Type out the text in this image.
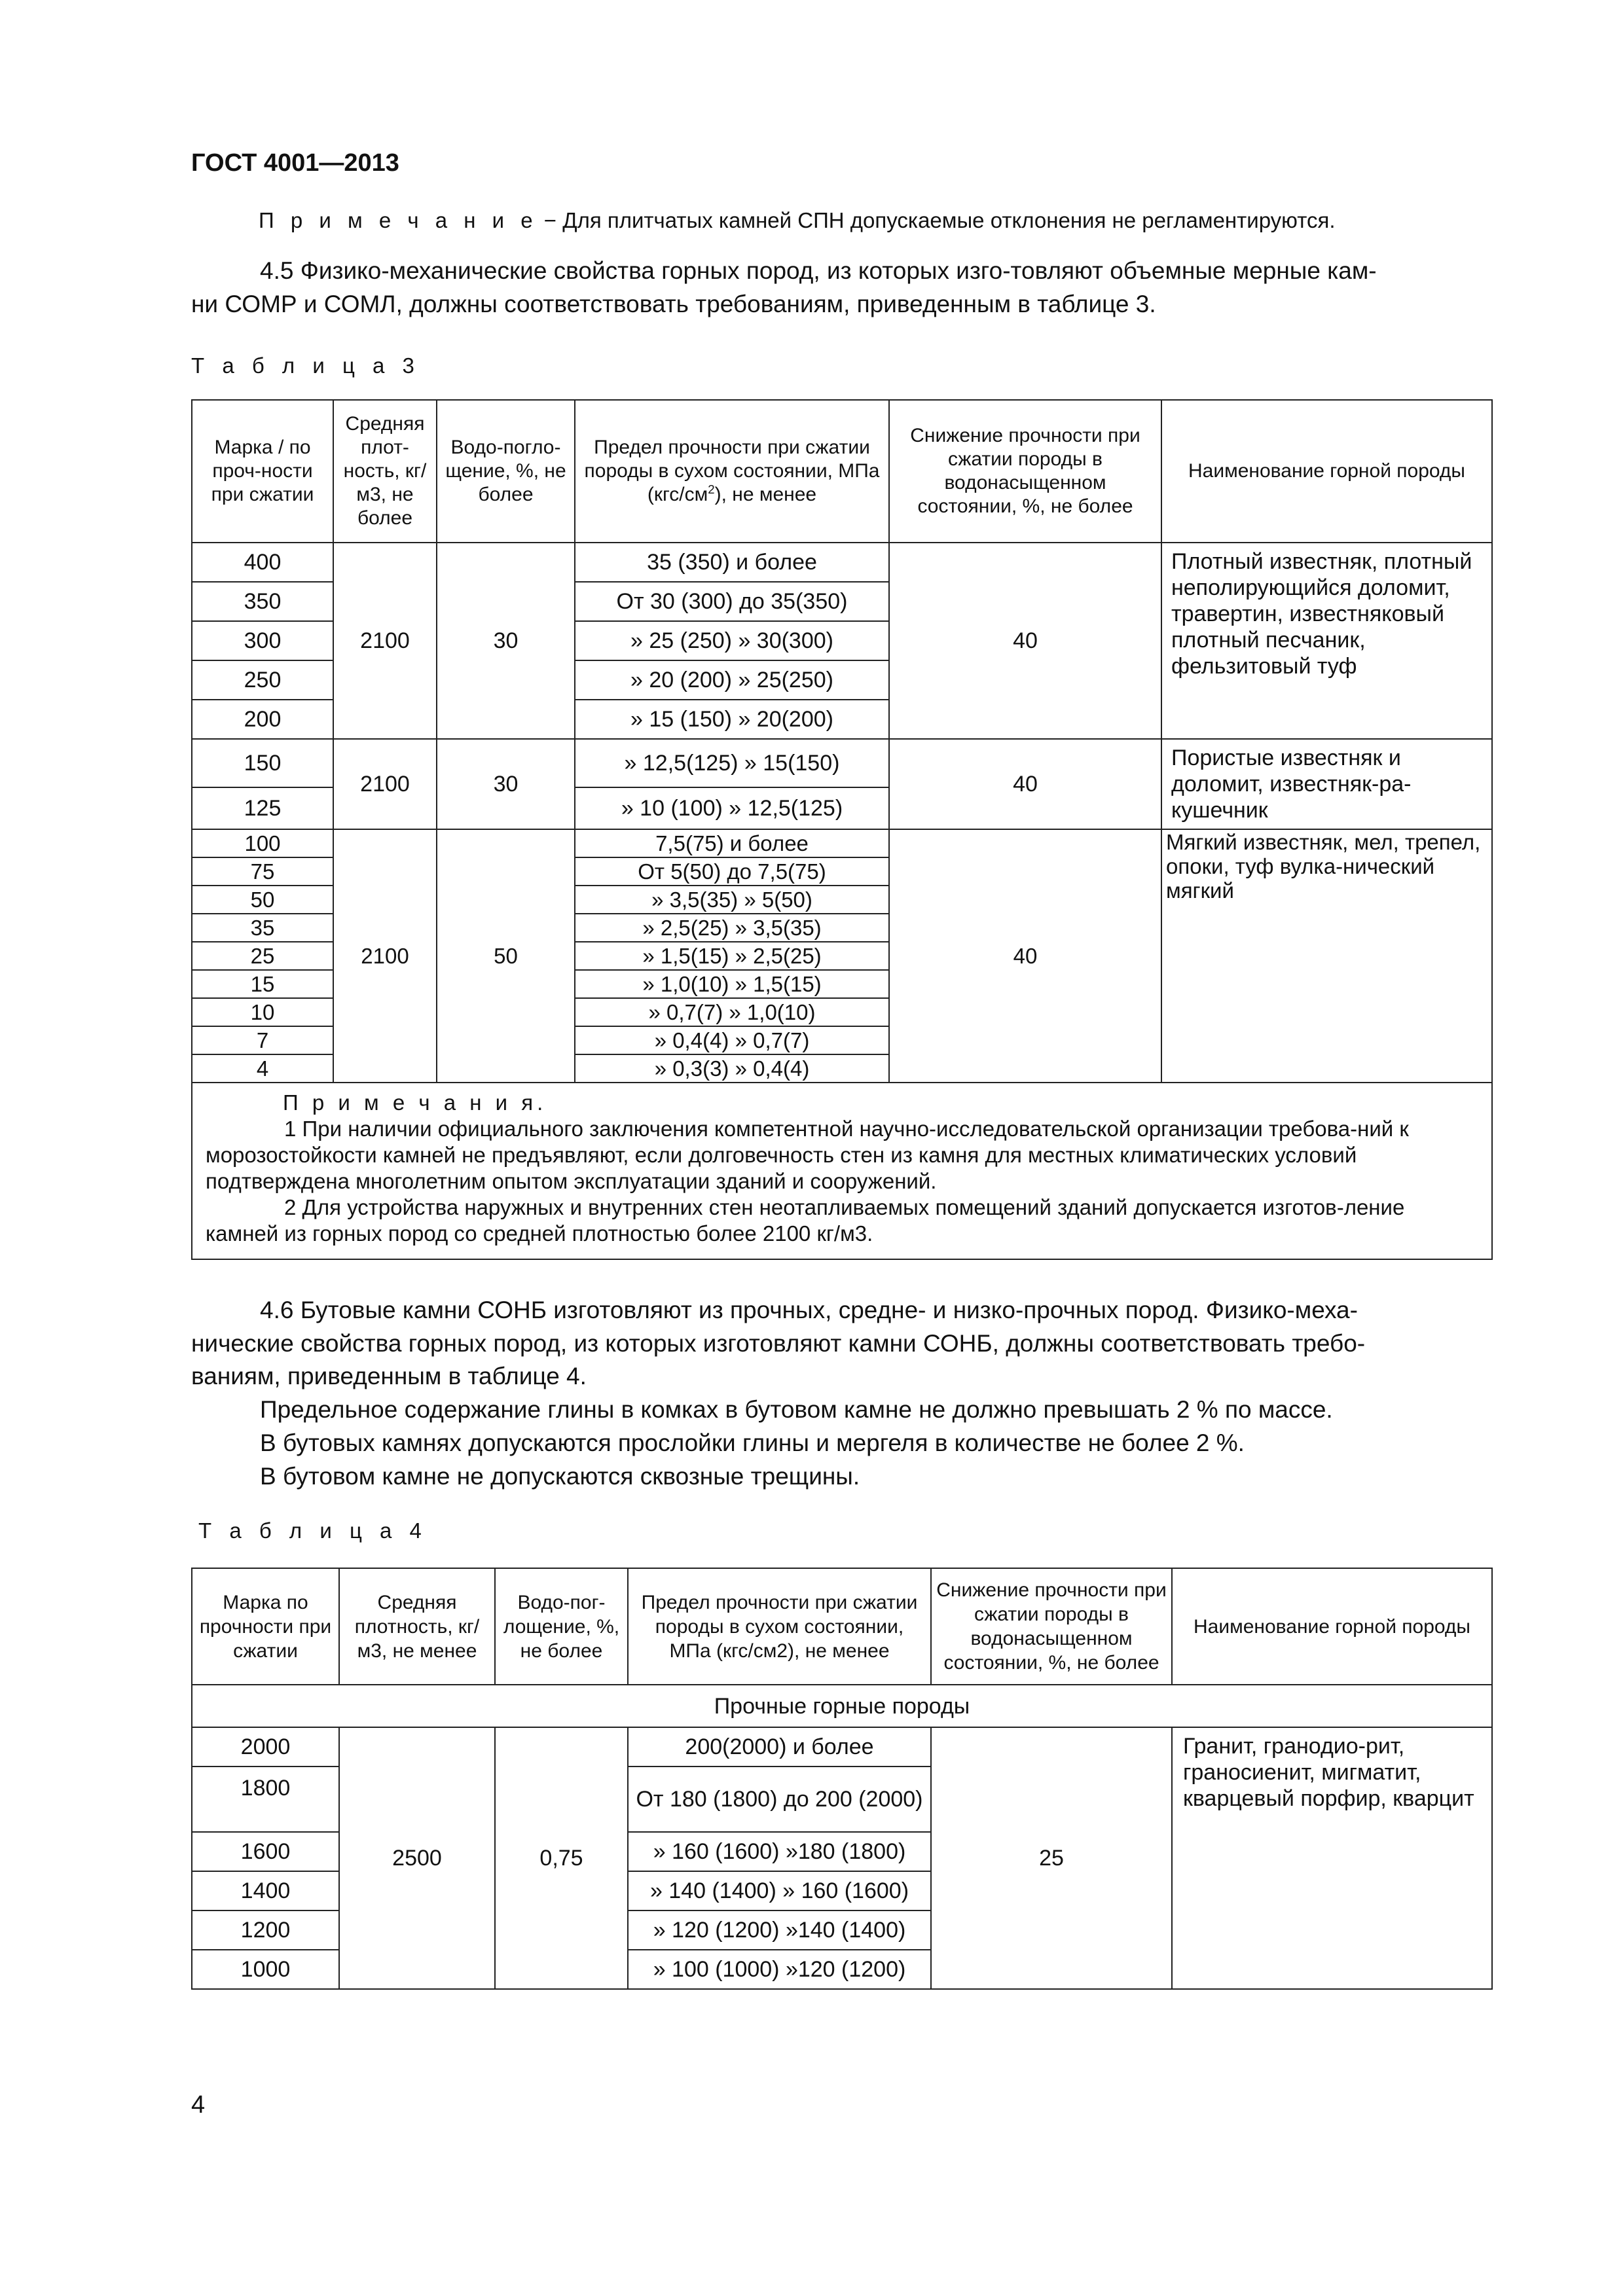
ГОСТ 4001—2013
П р и м е ч а н и е − Для плитчатых камней СПН допускаемые отклонения не регламентируются.
4.5 Физико-механические свойства горных пород, из которых изго-товляют объемные мерные кам-
ни СОМР и СОМЛ, должны соответствовать требованиям, приведенным в таблице 3.
Т а б л и ц а 3
Марка / по проч-ности при сжатии	Средняя плот-ность, кг/м3, не более	Водо-погло-щение, %, не более	Предел прочности при сжатии породы в сухом состоянии, МПа $(кгс/см^2)$, не менее	Снижение прочности при сжатии породы в водонасыщенном состоянии, %, не более	Наименование горной породы
400	2100	30	35 (350) и более	40	Плотный известняк, плотный неполирующийся доломит, травертин, известняковый плотный песчаник, фельзитовый туф
350			От 30 (300) до 35(350)		
300			» 25 (250) » 30(300)		
250			» 20 (200) » 25(250)		
200			» 15 (150) » 20(200)		
150	2100	30	» 12,5(125) » 15(150)	40	Пористые известняк и доломит, известняк-ра-кушечник
125			» 10 (100) » 12,5(125)		
100	2100	50	7,5(75) и более	40	Мягкий известняк, мел, трепел, опоки, туф вулка-нический мягкий
75			От 5(50) до 7,5(75)		
50			» 3,5(35) » 5(50)		
35			» 2,5(25) » 3,5(35)		
25			» 1,5(15) » 2,5(25)		
15			» 1,0(10) » 1,5(15)		
10			» 0,7(7) » 1,0(10)		
7			» 0,4(4) » 0,7(7)		
4			» 0,3(3) » 0,4(4)		

П р и м е ч а н и я.
1 При наличии официального заключения компетентной научно-исследовательской организации требова-ний к морозостойкости камней не предъявляют, если долговечность стен из камня для местных климатических условий подтверждена многолетним опытом эксплуатации зданий и сооружений.
2 Для устройства наружных и внутренних стен неотапливаемых помещений зданий допускается изготов-ление камней из горных пород со средней плотностью более 2100 кг/м3.					
4.6 Бутовые камни СОНБ изготовляют из прочных, средне- и низко-прочных пород. Физико-меха-
нические свойства горных пород, из которых изготовляют камни СОНБ, должны соответствовать требо-
ваниям, приведенным в таблице 4.
Предельное содержание глины в комках в бутовом камне не должно превышать 2 % по массе.
В бутовых камнях допускаются прослойки глины и мергеля в количестве не более 2 %.
В бутовом камне не допускаются сквозные трещины.
Т а б л и ц а 4
Марка по прочности при сжатии	Средняя плотность, кг/м3, не менее	Водо-пог-лощение, %, не более	Предел прочности при сжатии породы в сухом состоянии, МПа (кгс/см2), не менее	Снижение прочности при сжатии породы в водонасыщенном состоянии, %, не более	Наименование горной породы
Прочные горные породы					
2000	2500	0,75	200(2000) и более	25	Гранит, гранодио-рит, граносиенит, мигматит, кварцевый порфир, кварцит
1800			От 180 (1800) до 200 (2000)		
1600			» 160 (1600) »180 (1800)		
1400			» 140 (1400) » 160 (1600)		
1200			» 120 (1200) »140 (1400)		
1000			» 100 (1000) »120 (1200)		
4
